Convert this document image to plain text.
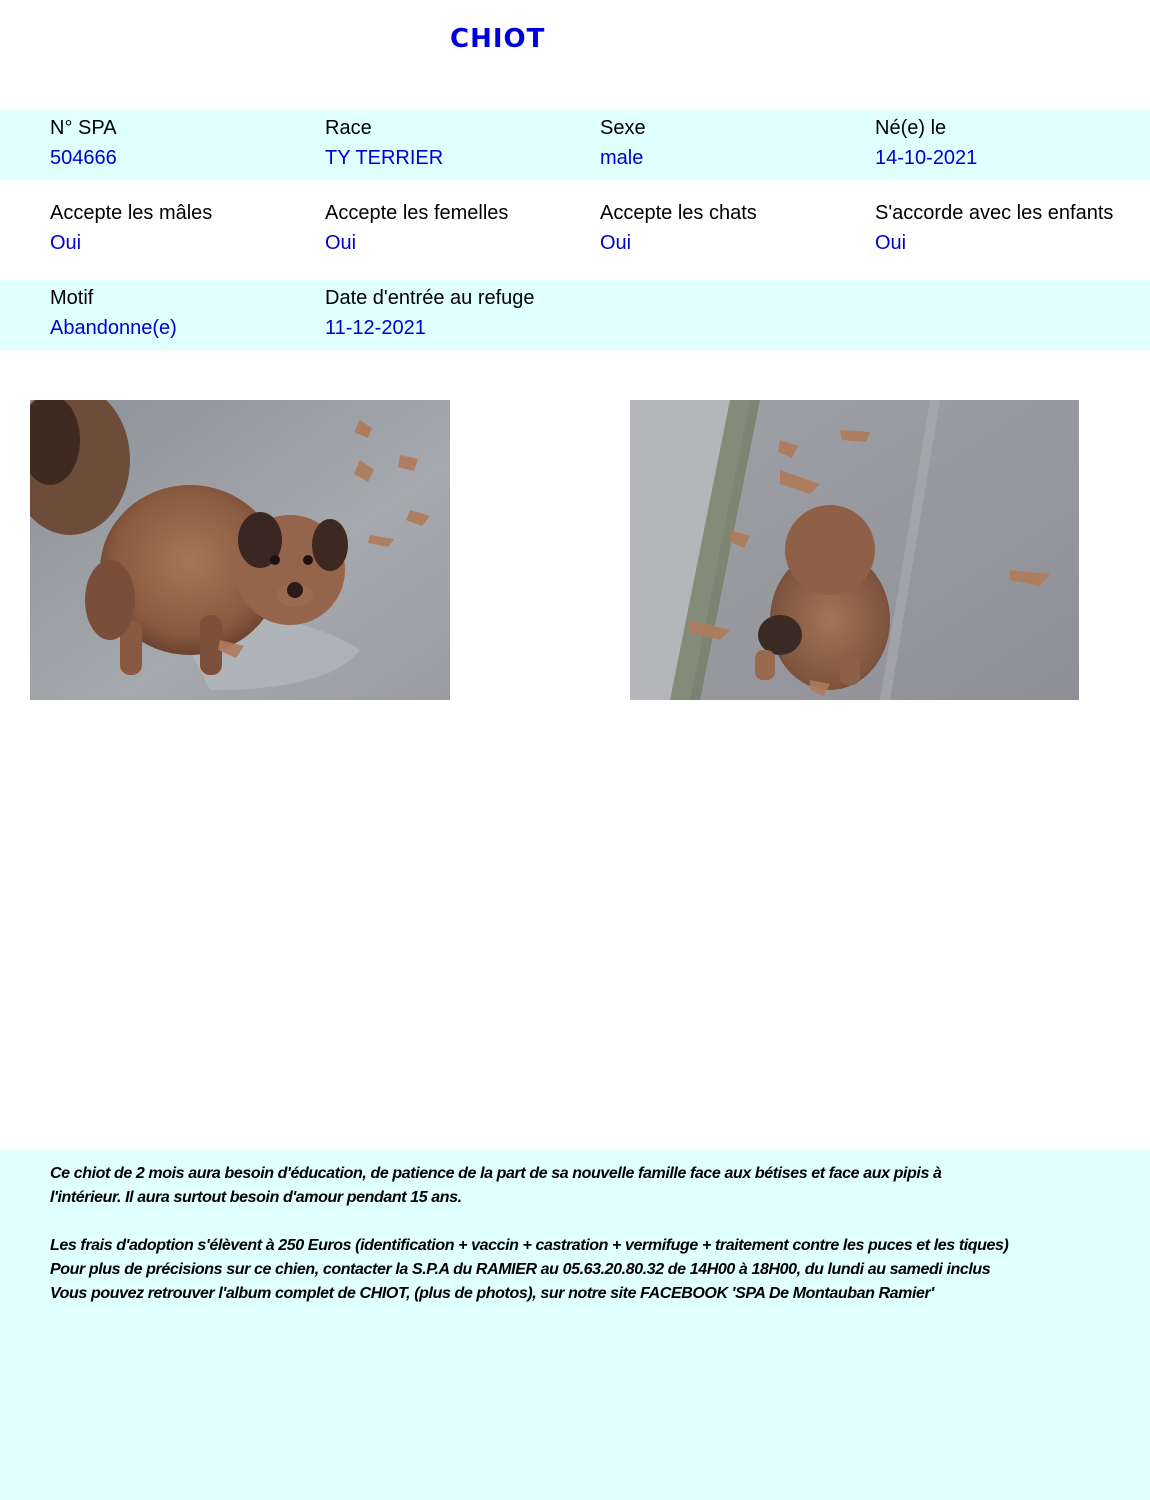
CHIOT
N° SPA
504666
Race
TY TERRIER
Sexe
male
Né(e) le
14-10-2021
Accepte les mâles
Oui
Accepte les femelles
Oui
Accepte les chats
Oui
S'accorde avec les enfants
Oui
Motif
Abandonne(e)
Date d'entrée au refuge
11-12-2021

Ce chiot de 2 mois aura besoin d'éducation, de patience de la part de sa nouvelle famille face aux bétises et face aux pipis à

l'intérieur. Il aura surtout besoin d'amour pendant 15 ans.

Les frais d'adoption s'élèvent à 250 Euros (identification + vaccin + castration + vermifuge + traitement contre les puces et les tiques)

Pour plus de précisions sur ce chien, contacter la S.P.A du RAMIER au 05.63.20.80.32 de 14H00 à 18H00, du lundi au samedi inclus

Vous pouvez retrouver l'album complet de CHIOT, (plus de photos), sur notre site FACEBOOK 'SPA De Montauban Ramier'
